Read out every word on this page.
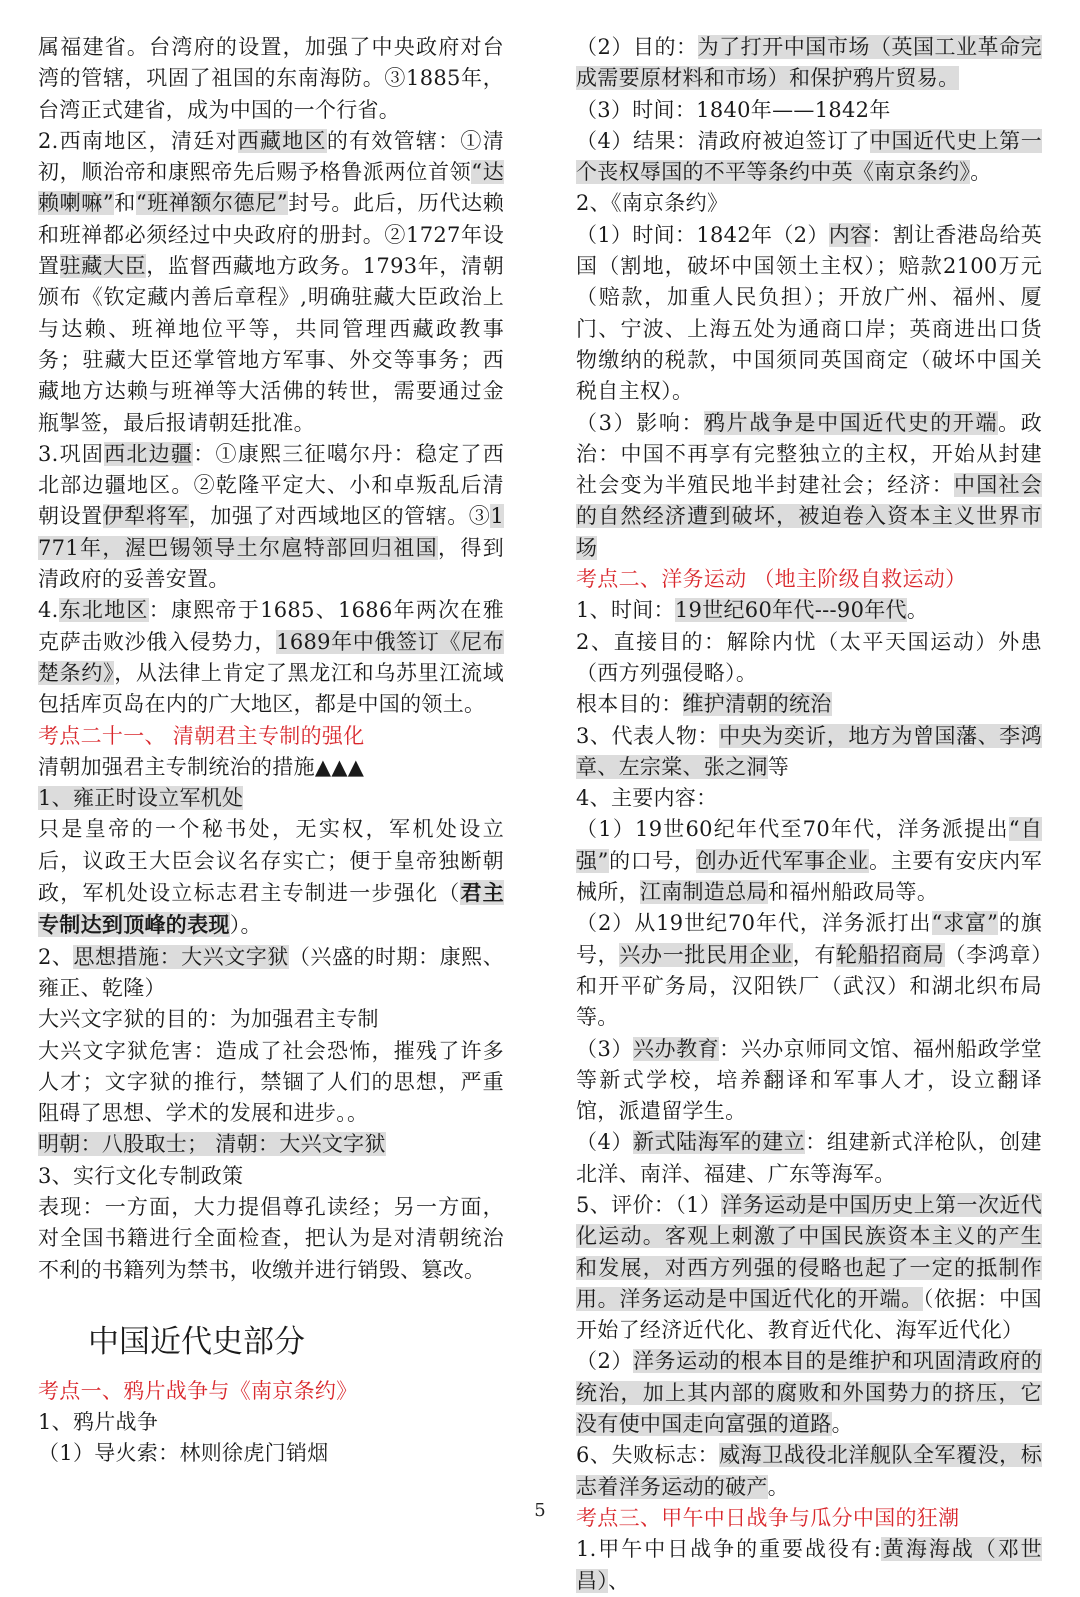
属福建省。台湾府的设置，加强了中央政府对台湾的管辖，巩固了祖国的东南海防。③1885年，台湾正式建省，成为中国的一个行省。

2.西南地区，清廷对西藏地区的有效管辖：①清初，顺治帝和康熙帝先后赐予格鲁派两位首领“达赖喇嘛”和“班禅额尔德尼”封号。此后，历代达赖和班禅都必须经过中央政府的册封。②1727年设置驻藏大臣，监督西藏地方政务。1793年，清朝颁布《钦定藏内善后章程》,明确驻藏大臣政治上与达赖、班禅地位平等，共同管理西藏政教事务；驻藏大臣还掌管地方军事、外交等事务；西藏地方达赖与班禅等大活佛的转世，需要通过金瓶掣签，最后报请朝廷批准。

3.巩固西北边疆：①康熙三征噶尔丹：稳定了西北部边疆地区。②乾隆平定大、小和卓叛乱后清朝设置伊犁将军，加强了对西域地区的管辖。③1771年，渥巴锡领导土尔扈特部回归祖国，得到清政府的妥善安置。

4.东北地区：康熙帝于1685、1686年两次在雅克萨击败沙俄入侵势力，1689年中俄签订《尼布楚条约》，从法律上肯定了黑龙江和乌苏里江流域包括库页岛在内的广大地区，都是中国的领土。

考点二十一、 清朝君主专制的强化

清朝加强君主专制统治的措施▲▲▲

1、雍正时设立军机处

只是皇帝的一个秘书处，无实权，军机处设立后，议政王大臣会议名存实亡；便于皇帝独断朝政，军机处设立标志君主专制进一步强化（君主专制达到顶峰的表现）。

2、思想措施：大兴文字狱（兴盛的时期：康熙、雍正、乾隆）

大兴文字狱的目的：为加强君主专制

大兴文字狱危害：造成了社会恐怖，摧残了许多人才；文字狱的推行，禁锢了人们的思想，严重阻碍了思想、学术的发展和进步。。

明朝：八股取士； 清朝：大兴文字狱

3、实行文化专制政策

表现：一方面，大力提倡尊孔读经；另一方面，对全国书籍进行全面检查，把认为是对清朝统治不利的书籍列为禁书，收缴并进行销毁、篡改。

中国近代史部分

考点一、鸦片战争与《南京条约》

1、鸦片战争

（1）导火索：林则徐虎门销烟

（2）目的：为了打开中国市场（英国工业革命完成需要原材料和市场）和保护鸦片贸易。

（3）时间：1840年——1842年

（4）结果：清政府被迫签订了中国近代史上第一个丧权辱国的不平等条约中英《南京条约》。

2、《南京条约》

（1）时间：1842年（2）内容：割让香港岛给英国（割地，破坏中国领土主权）；赔款2100万元（赔款，加重人民负担）；开放广州、福州、厦门、宁波、上海五处为通商口岸；英商进出口货物缴纳的税款，中国须同英国商定（破坏中国关税自主权）。

（3）影响：鸦片战争是中国近代史的开端。政治：中国不再享有完整独立的主权，开始从封建社会变为半殖民地半封建社会；经济：中国社会的自然经济遭到破坏，被迫卷入资本主义世界市场

考点二、洋务运动 （地主阶级自救运动）

1、时间：19世纪60年代---90年代。

2、直接目的：解除内忧（太平天国运动）外患（西方列强侵略）。

根本目的：维护清朝的统治

3、代表人物：中央为奕䜣，地方为曾国藩、李鸿章、左宗棠、张之洞等

4、主要内容：

（1）19世60纪年代至70年代，洋务派提出“自强”的口号，创办近代军事企业。主要有安庆内军械所，江南制造总局和福州船政局等。

（2）从19世纪70年代，洋务派打出“求富”的旗号，兴办一批民用企业，有轮船招商局（李鸿章）和开平矿务局，汉阳铁厂（武汉）和湖北织布局等。

（3）兴办教育：兴办京师同文馆、福州船政学堂等新式学校，培养翻译和军事人才，设立翻译馆，派遣留学生。

（4）新式陆海军的建立：组建新式洋枪队，创建北洋、南洋、福建、广东等海军。

5、评价：（1）洋务运动是中国历史上第一次近代化运动。客观上刺激了中国民族资本主义的产生和发展，对西方列强的侵略也起了一定的抵制作用。洋务运动是中国近代化的开端。（依据：中国开始了经济近代化、教育近代化、海军近代化）

（2）洋务运动的根本目的是维护和巩固清政府的统治，加上其内部的腐败和外国势力的挤压，它没有使中国走向富强的道路。

6、失败标志：威海卫战役北洋舰队全军覆没，标志着洋务运动的破产。

考点三、甲午中日战争与瓜分中国的狂潮

1.甲午中日战争的重要战役有:黄海海战（邓世昌）、

5
